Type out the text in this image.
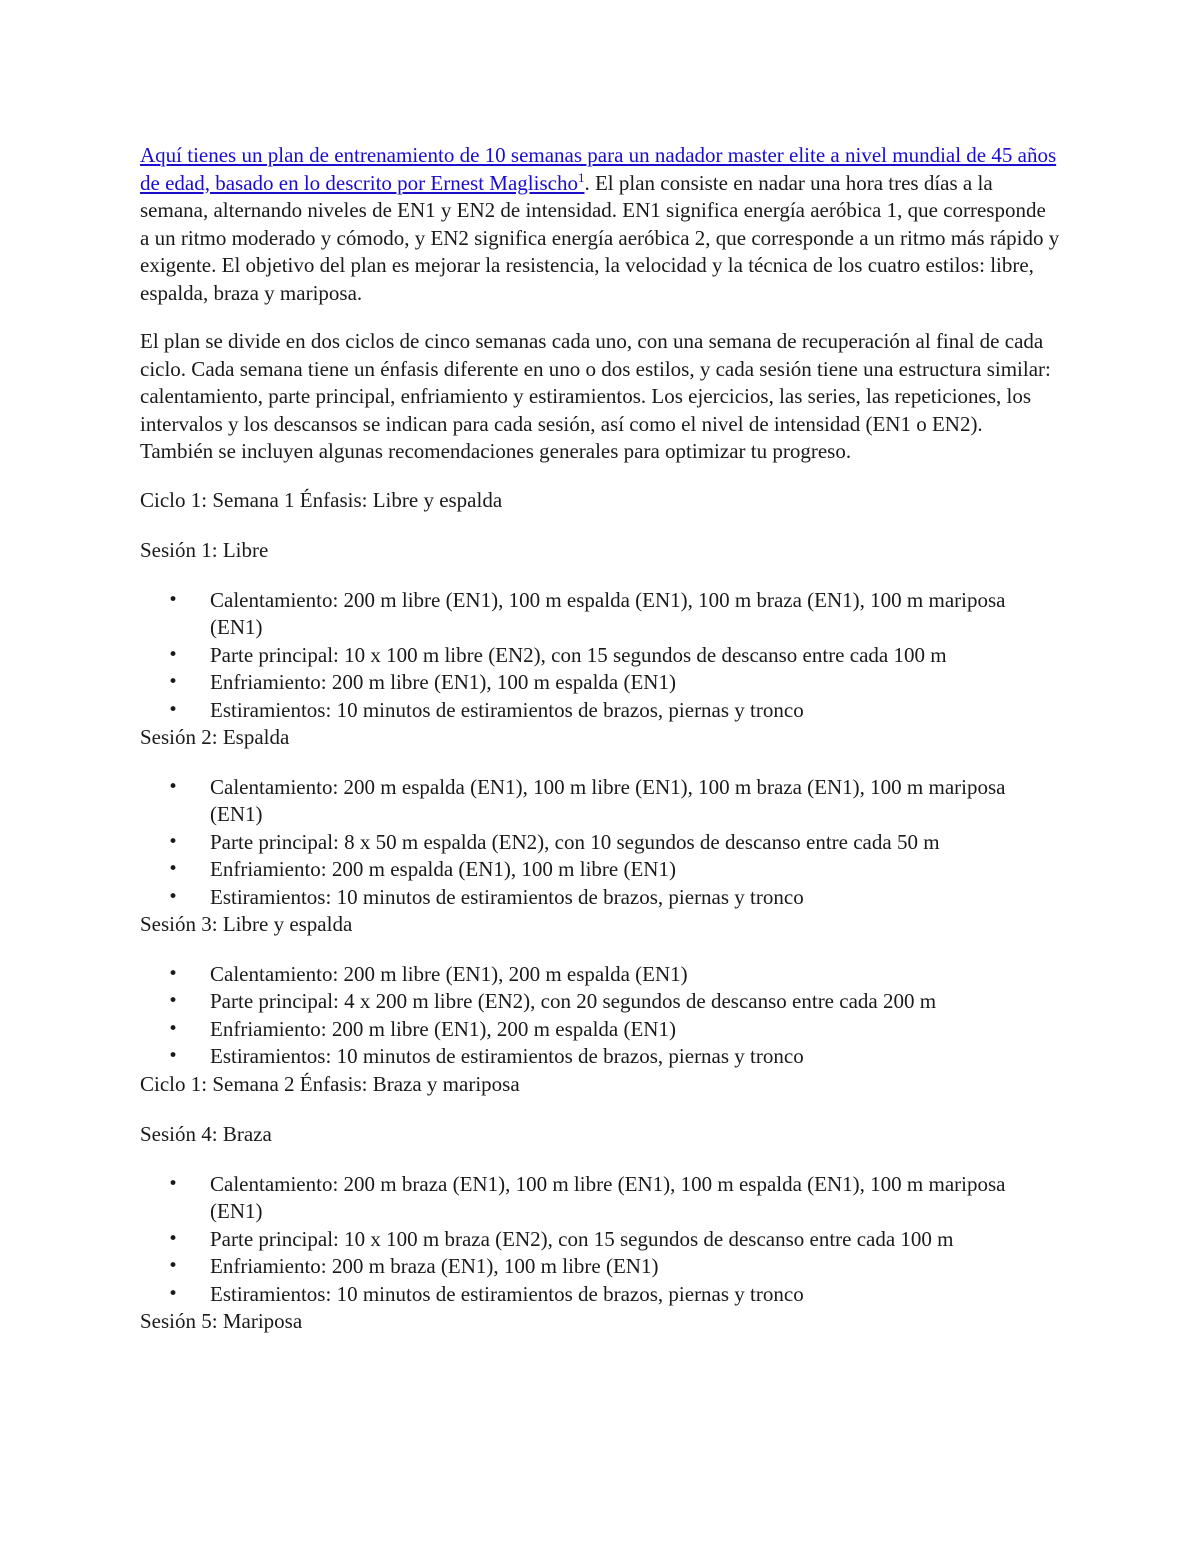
Aquí tienes un plan de entrenamiento de 10 semanas para un nadador master elite a nivel mundial de 45 años de edad, basado en lo descrito por Ernest Maglischo$^1$. El plan consiste en nadar una hora tres días a la semana, alternando niveles de EN1 y EN2 de intensidad. EN1 significa energía aeróbica 1, que corresponde a un ritmo moderado y cómodo, y EN2 significa energía aeróbica 2, que corresponde a un ritmo más rápido y exigente. El objetivo del plan es mejorar la resistencia, la velocidad y la técnica de los cuatro estilos: libre, espalda, braza y mariposa.

El plan se divide en dos ciclos de cinco semanas cada uno, con una semana de recuperación al final de cada ciclo. Cada semana tiene un énfasis diferente en uno o dos estilos, y cada sesión tiene una estructura similar: calentamiento, parte principal, enfriamiento y estiramientos. Los ejercicios, las series, las repeticiones, los intervalos y los descansos se indican para cada sesión, así como el nivel de intensidad (EN1 o EN2). También se incluyen algunas recomendaciones generales para optimizar tu progreso.

Ciclo 1: Semana 1 Énfasis: Libre y espalda

Sesión 1: Libre

• Calentamiento: 200 m libre (EN1), 100 m espalda (EN1), 100 m braza (EN1), 100 m mariposa (EN1)
• Parte principal: 10 x 100 m libre (EN2), con 15 segundos de descanso entre cada 100 m
• Enfriamiento: 200 m libre (EN1), 100 m espalda (EN1)
• Estiramientos: 10 minutos de estiramientos de brazos, piernas y tronco

Sesión 2: Espalda

• Calentamiento: 200 m espalda (EN1), 100 m libre (EN1), 100 m braza (EN1), 100 m mariposa (EN1)
• Parte principal: 8 x 50 m espalda (EN2), con 10 segundos de descanso entre cada 50 m
• Enfriamiento: 200 m espalda (EN1), 100 m libre (EN1)
• Estiramientos: 10 minutos de estiramientos de brazos, piernas y tronco

Sesión 3: Libre y espalda

• Calentamiento: 200 m libre (EN1), 200 m espalda (EN1)
• Parte principal: 4 x 200 m libre (EN2), con 20 segundos de descanso entre cada 200 m
• Enfriamiento: 200 m libre (EN1), 200 m espalda (EN1)
• Estiramientos: 10 minutos de estiramientos de brazos, piernas y tronco

Ciclo 1: Semana 2 Énfasis: Braza y mariposa

Sesión 4: Braza

• Calentamiento: 200 m braza (EN1), 100 m libre (EN1), 100 m espalda (EN1), 100 m mariposa (EN1)
• Parte principal: 10 x 100 m braza (EN2), con 15 segundos de descanso entre cada 100 m
• Enfriamiento: 200 m braza (EN1), 100 m libre (EN1)
• Estiramientos: 10 minutos de estiramientos de brazos, piernas y tronco

Sesión 5: Mariposa
